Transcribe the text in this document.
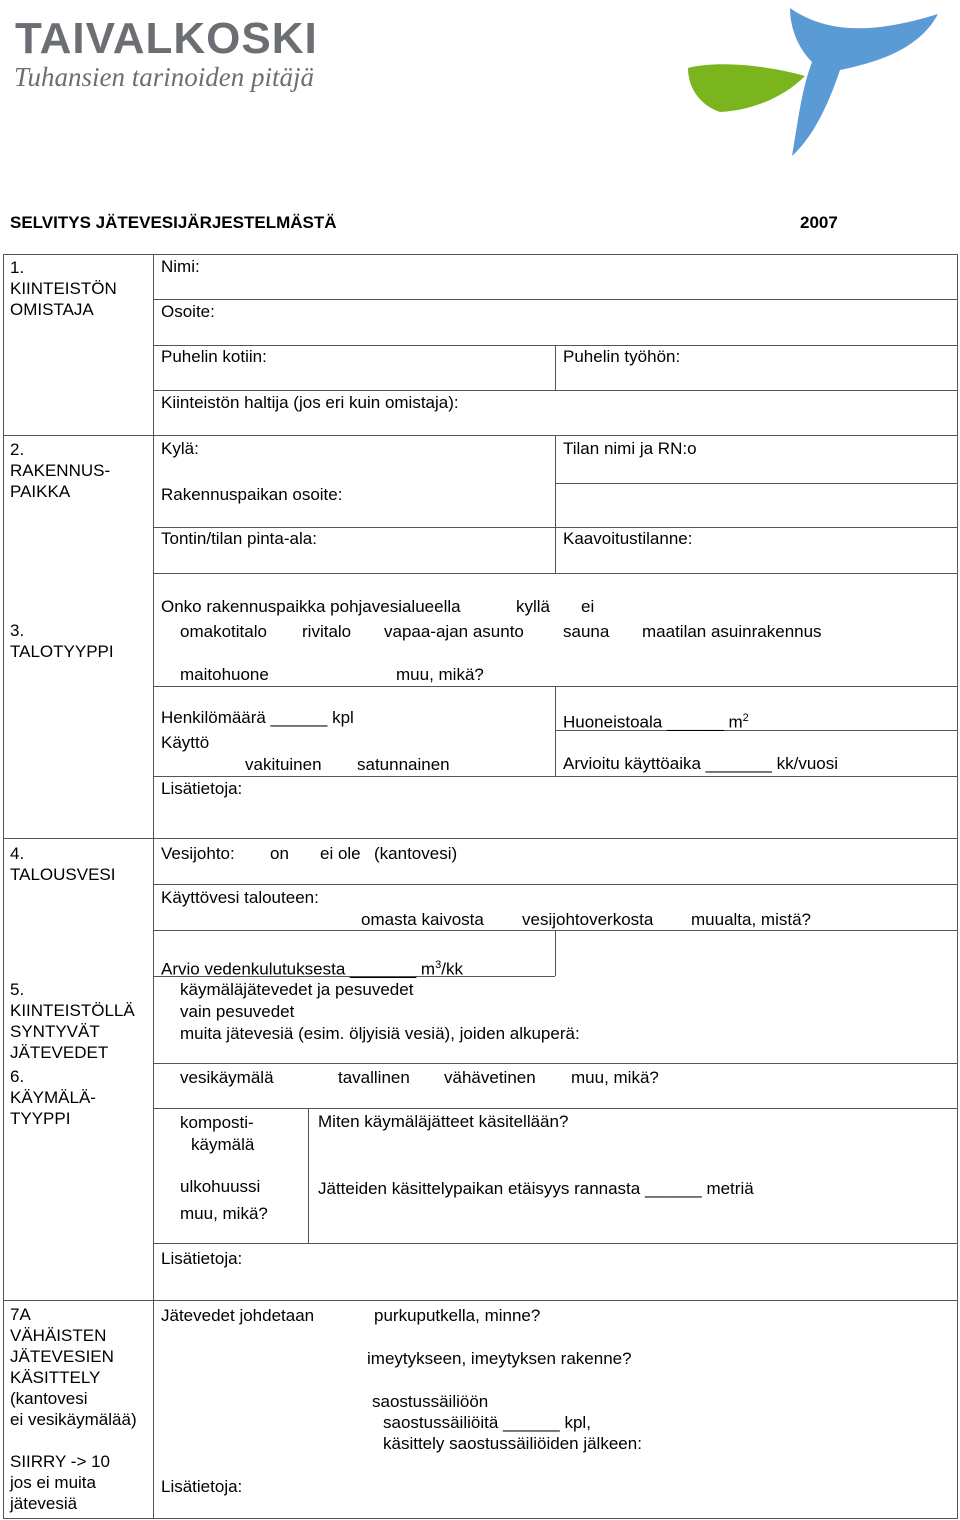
TAIVALKOSKI
Tuhansien tarinoiden pitäjä
SELVITYS JÄTEVESIJÄRJESTELMÄSTÄ	2007
1.
KIINTEISTÖN
OMISTAJA
Nimi:
Osoite:
Puhelin kotiin:	Puhelin työhön:
Kiinteistön haltija (jos eri kuin omistaja):
2.
RAKENNUS-
PAIKKA
Kylä:	Tilan nimi ja RN:o
Rakennuspaikan osoite:
Tontin/tilan pinta-ala:	Kaavoitustilanne:
3.
TALOTYYPPI
Onko rakennuspaikka pohjavesialueella	kyllä ei
omakotitalo rivitalo vapaa-ajan asunto sauna maatilan asuinrakennus
maitohuone	muu, mikä?
Henkilömäärä ______ kpl	Huoneistoala ______ $m^2$
Käyttö
vakituinen satunnainen	Arvioitu käyttöaika _______ kk/vuosi
Lisätietoja:
4.
TALOUSVESI
Vesijohto: on ei ole (kantovesi)
Käyttövesi talouteen:
omasta kaivosta vesijohtoverkosta muualta, mistä?
Arvio vedenkulutuksesta _______ $m^3/kk$
5.
KIINTEISTÖLLÄ
SYNTYVÄT
JÄTEVEDET
käymäläjätevedet ja pesuvedet
vain pesuvedet
muita jätevesiä (esim. öljyisiä vesiä), joiden alkuperä:
6.
KÄYMÄLÄ-
TYYPPI
vesikäymälä	tavallinen vähävetinen muu, mikä?
komposti-
käymälä
Miten käymäläjätteet käsitellään?
ulkohuussi	Jätteiden käsittelypaikan etäisyys rannasta ______ metriä
muu, mikä?
Lisätietoja:
7A
VÄHÄISTEN
JÄTEVESIEN
KÄSITTELY
(kantovesi
ei vesikäymälää)
SIIRRY -> 10
jos ei muita
jätevesiä
Jätevedet johdetaan	purkuputkella, minne?
imeytykseen, imeytyksen rakenne?
saostussäiliöön
saostussäiliöitä ______ kpl,
käsittely saostussäiliöiden jälkeen:
Lisätietoja:
